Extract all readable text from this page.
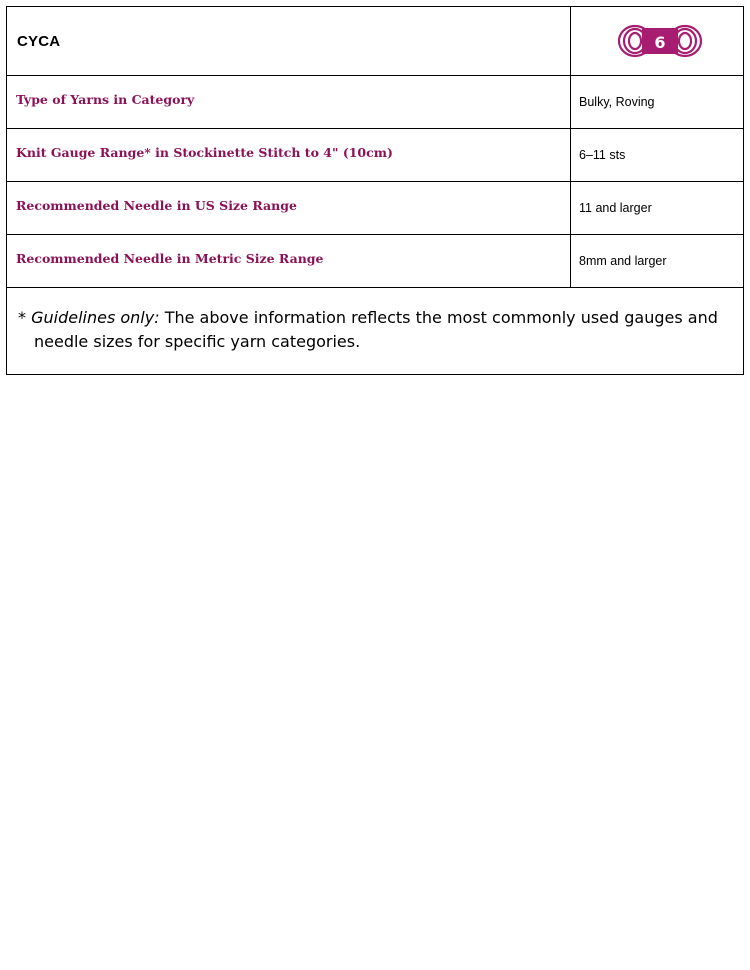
CYCA	6
Type of Yarns in Category	Bulky, Roving
Knit Gauge Range* in Stockinette Stitch to 4" (10cm)	6–11 sts
Recommended Needle in US Size Range	11 and larger
Recommended Needle in Metric Size Range	8mm and larger
* Guidelines only: The above information reflects the most commonly used gauges and needle sizes for specific yarn categories.
